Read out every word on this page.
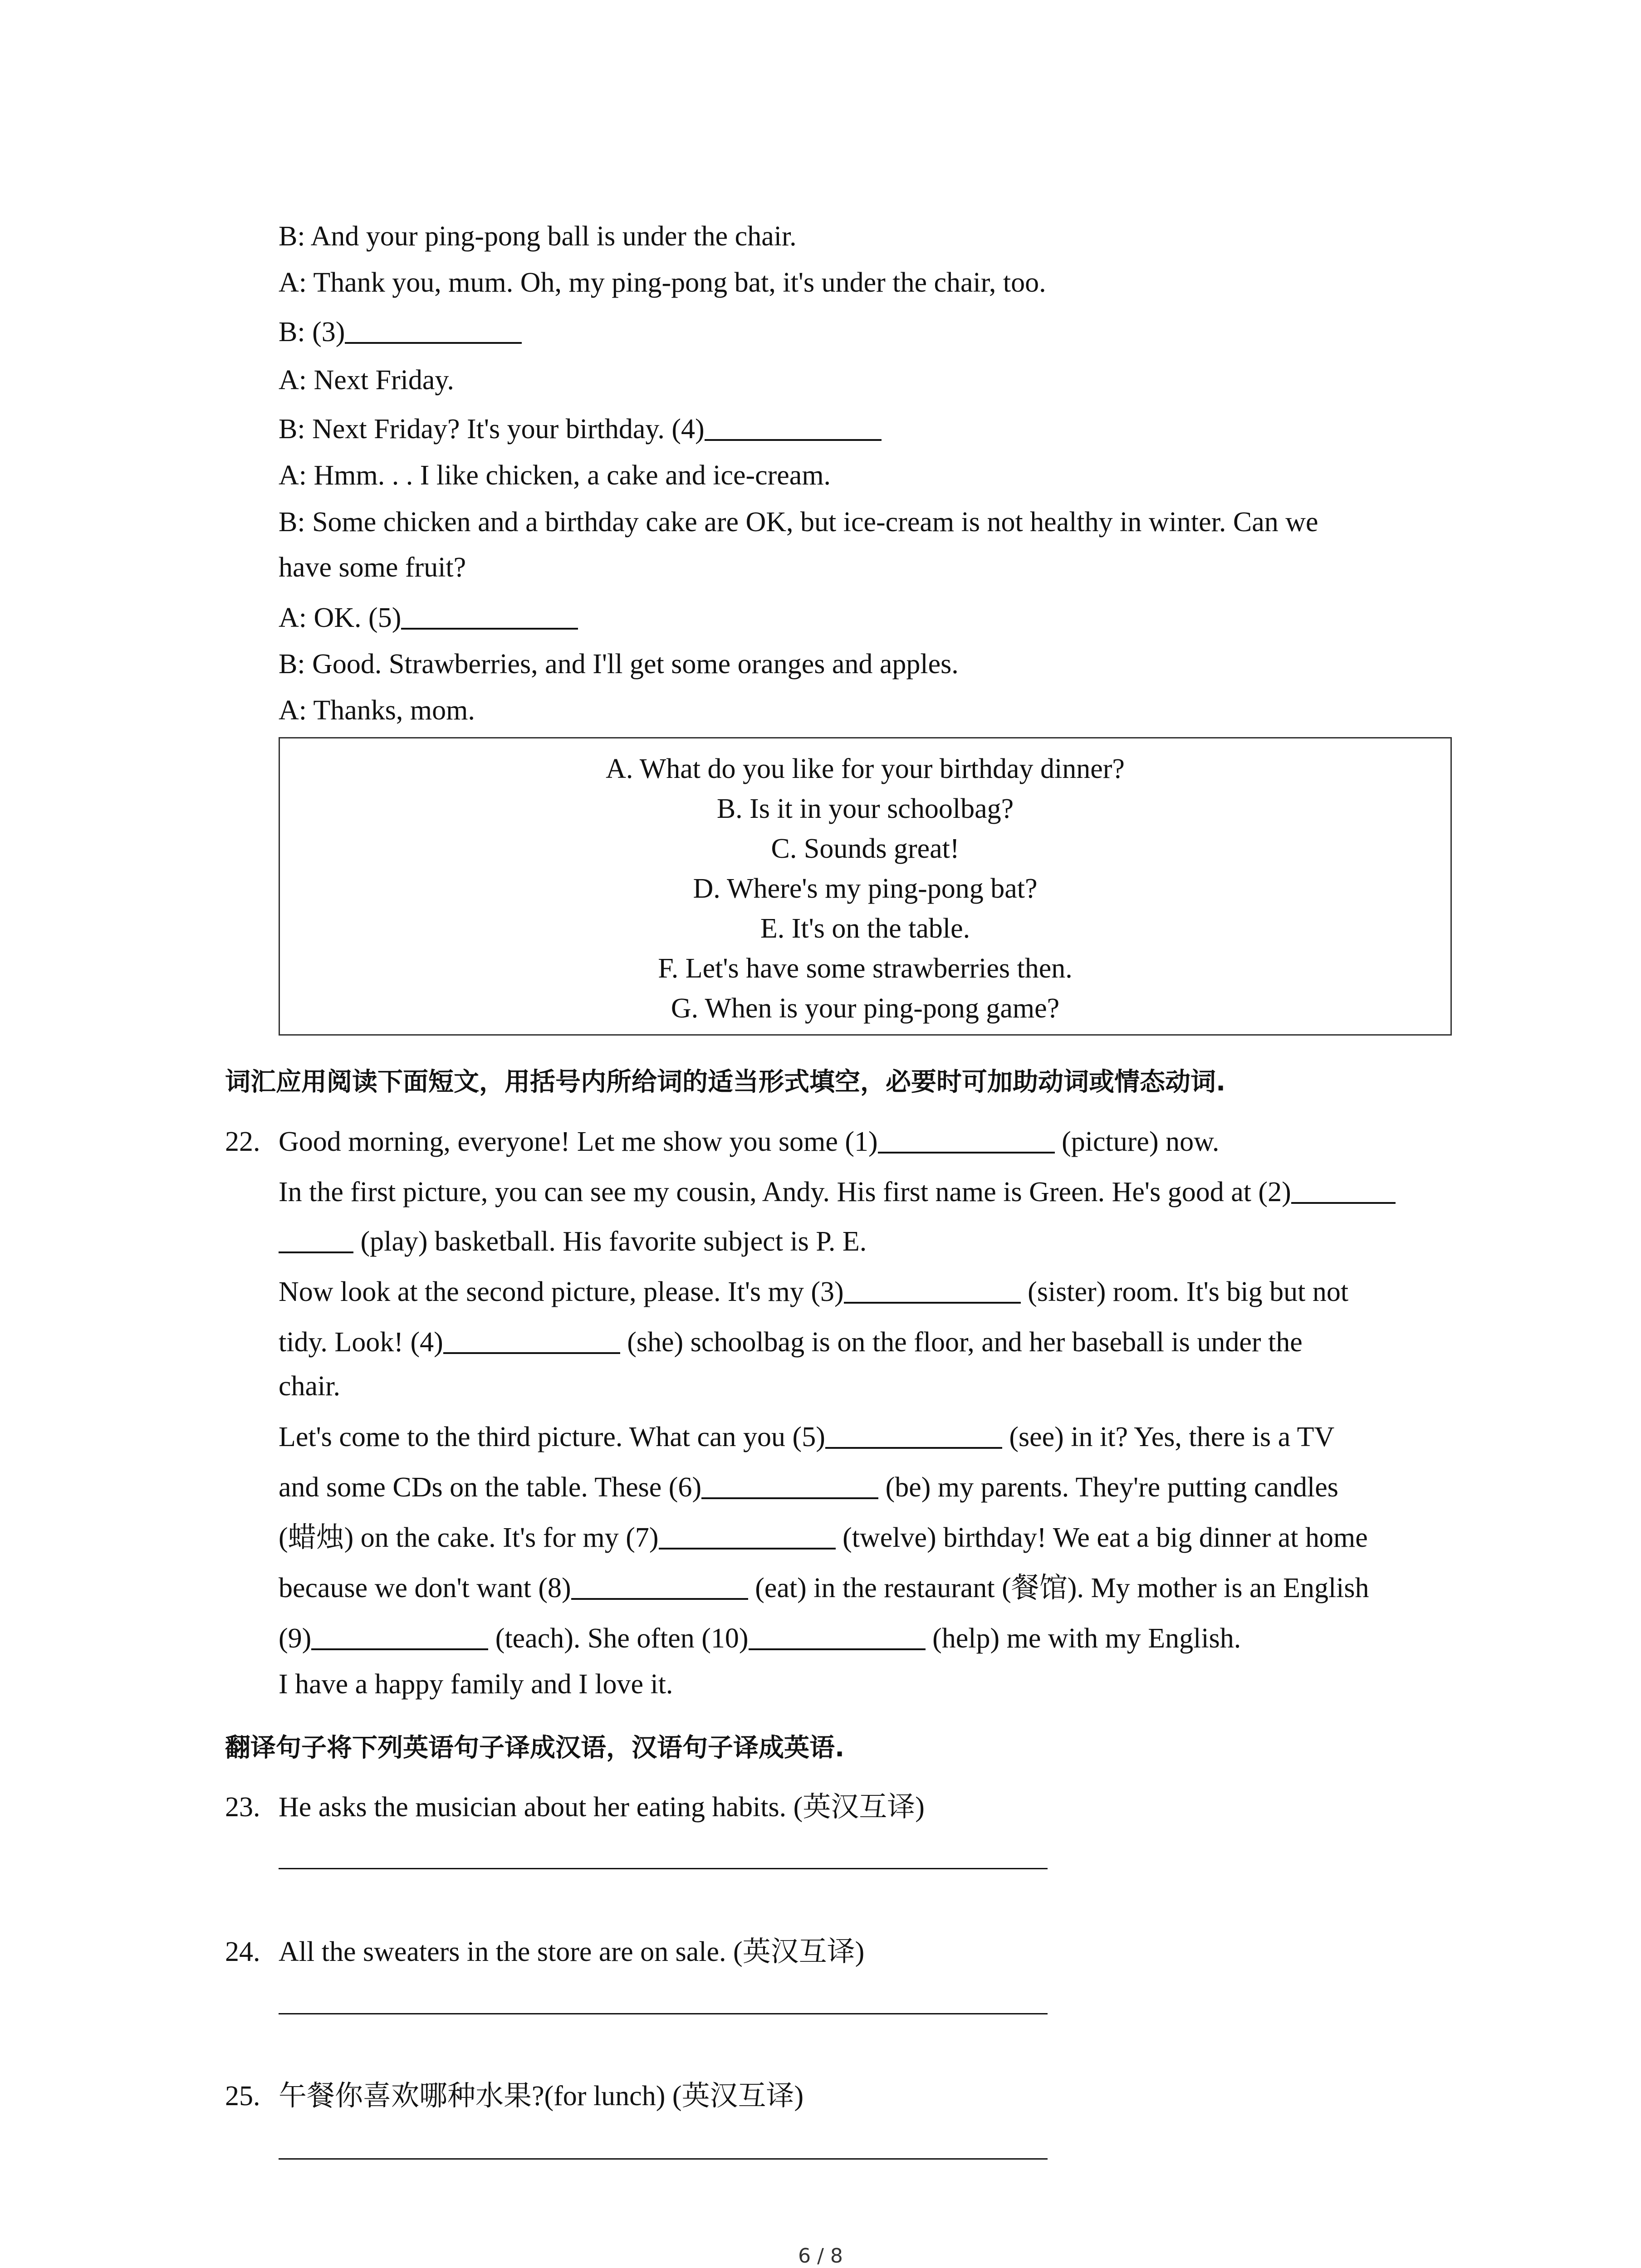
B: And your ping-pong ball is under the chair.
A: Thank you, mum. Oh, my ping-pong bat, it's under the chair, too.
B: (3)
A: Next Friday.
B: Next Friday? It's your birthday. (4)
A: Hmm. . . I like chicken, a cake and ice-cream.
B: Some chicken and a birthday cake are OK, but ice-cream is not healthy in winter. Can we
have some fruit?
A: OK. (5)
B: Good. Strawberries, and I'll get some oranges and apples.
A: Thanks, mom.
A. What do you like for your birthday dinner?
B. Is it in your schoolbag?
C. Sounds great!
D. Where's my ping-pong bat?
E. It's on the table.
F. Let's have some strawberries then.
G. When is your ping-pong game?
词汇应用阅读下面短文，用括号内所给词的适当形式填空，必要时可加助动词或情态动词.
22. Good morning, everyone! Let me show you some (1)	(picture) now.
In the first picture, you can see my cousin, Andy. His first name is Green. He's good at (2)
(play) basketball. His favorite subject is P. E.
Now look at the second picture, please. It's my (3)	(sister) room. It's big but not
tidy. Look! (4)	(she) schoolbag is on the floor, and her baseball is under the
chair.
Let's come to the third picture. What can you (5)	(see) in it? Yes, there is a TV
and some CDs on the table. These (6)	(be) my parents. They're putting candles
(蜡烛) on the cake. It's for my (7)	(twelve) birthday! We eat a big dinner at home
because we don't want (8)	(eat) in the restaurant (餐馆). My mother is an English
(9)	(teach). She often (10)	(help) me with my English.
I have a happy family and I love it.
翻译句子将下列英语句子译成汉语，汉语句子译成英语.
23. He asks the musician about her eating habits. (英汉互译)
24. All the sweaters in the store are on sale. (英汉互译)
25. 午餐你喜欢哪种水果?(for lunch) (英汉互译)
6 / 8
